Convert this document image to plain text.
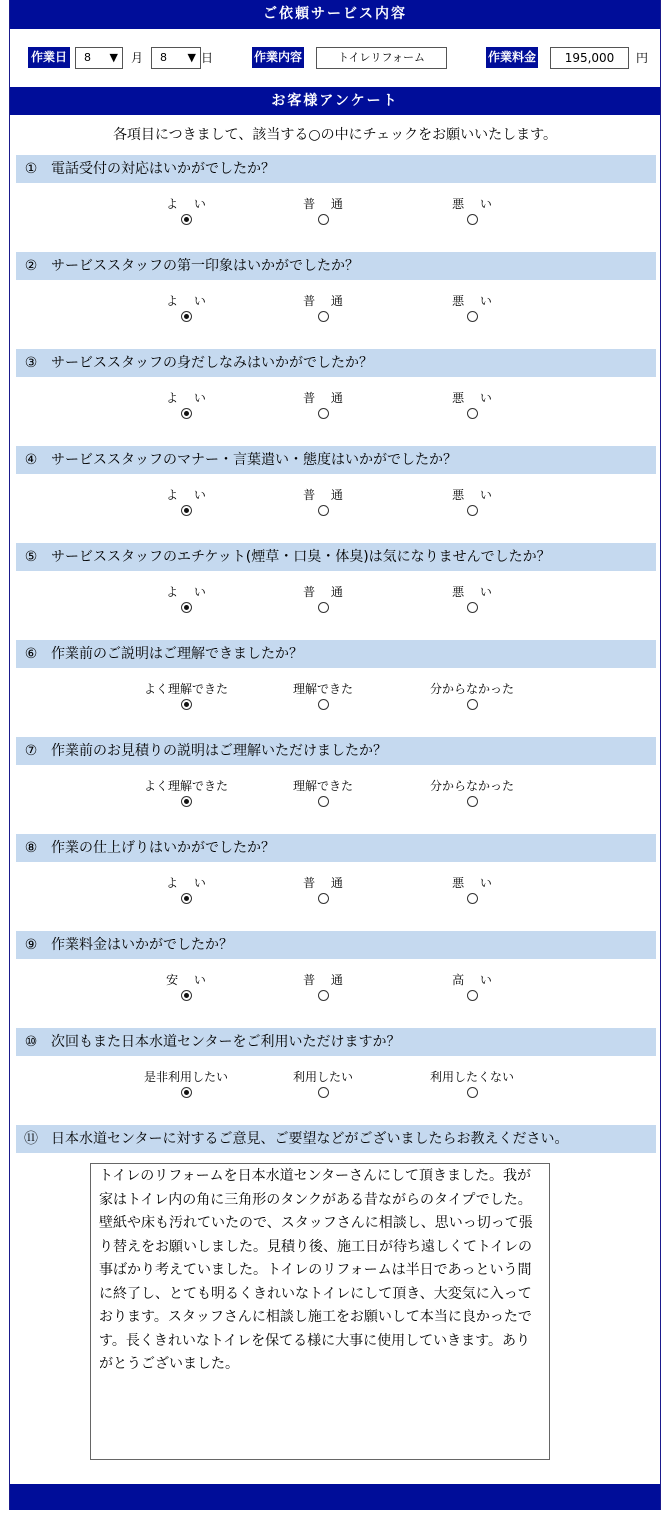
ご依頼サービス内容
作業日	8 ▼ 月	8 ▼ 日	作業内容	トイレリフォーム	作業料金	195,000	円
お客様アンケート
各項目につきまして、該当する○の中にチェックをお願いいたします。
① 電話受付の対応はいかがでしたか？
よ い	普 通	悪 い
② サービススタッフの第一印象はいかがでしたか？
よ い	普 通	悪 い
③ サービススタッフの身だしなみはいかがでしたか？
よ い	普 通	悪 い
④ サービススタッフのマナー・言葉遣い・態度はいかがでしたか？
よ い	普 通	悪 い
⑤ サービススタッフのエチケット(煙草・口臭・体臭)は気になりませんでしたか？
よ い	普 通	悪 い
⑥ 作業前のご説明はご理解できましたか？
よく理解できた	理解できた	分からなかった
⑦ 作業前のお見積りの説明はご理解いただけましたか？
よく理解できた	理解できた	分からなかった
⑧ 作業の仕上げりはいかがでしたか？
よ い	普 通	悪 い
⑨ 作業料金はいかがでしたか？
安 い	普 通	高 い
⑩ 次回もまた日本水道センターをご利用いただけますか？
是非利用したい	利用したい	利用したくない
⑪ 日本水道センターに対するご意見、ご要望などがございましたらお教えください。
トイレのリフォームを日本水道センターさんにして頂きました。我が家はトイレ内の角に三角形のタンクがある昔ながらのタイプでした。壁紙や床も汚れていたので、スタッフさんに相談し、思いっ切って張り替えをお願いしました。見積り後、施工日が待ち遠しくてトイレの事ばかり考えていました。トイレのリフォームは半日であっという間に終了し、とても明るくきれいなトイレにして頂き、大変気に入っております。スタッフさんに相談し施工をお願いして本当に良かったです。長くきれいなトイレを保てる様に大事に使用していきます。ありがとうございました。
